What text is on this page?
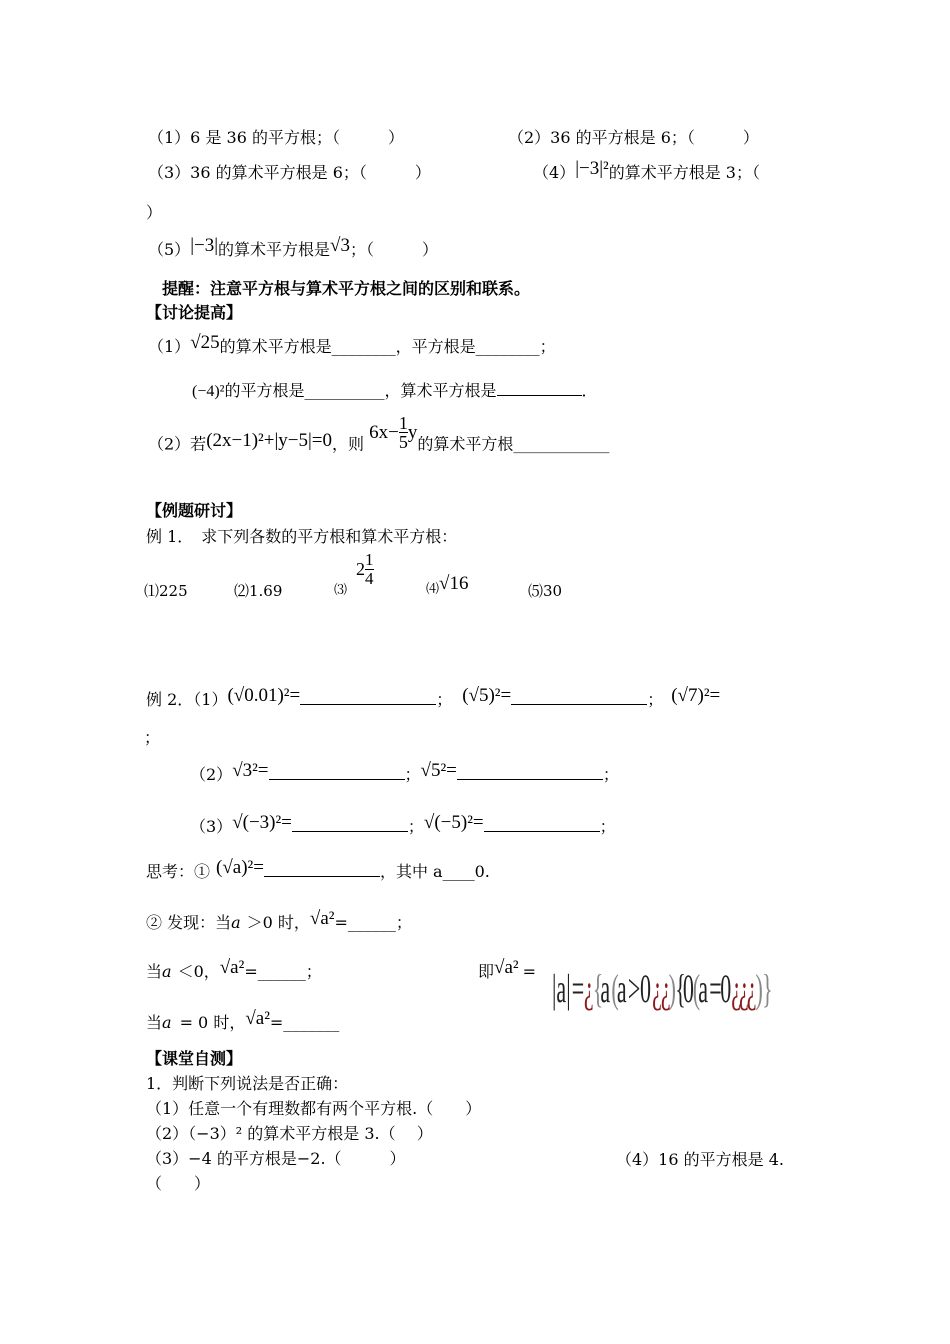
（1）6 是 36 的平方根；（　　　）	（2）36 的平方根是 6；（　　　）
（3）36 的算术平方根是 6；（　　　）	（4）|−3|²的算术平方根是 3；（
）
（5）|−3|的算术平方根是√3；（　　　）
提醒：注意平方根与算术平方根之间的区别和联系。
【讨论提高】
（1）√25的算术平方根是________，平方根是________；
(−4)²的平方根是__________，算术平方根是	．
（2）若(2x−1)²+|y−5|=0，则
$6x- \frac{1}{5}$ y
的算术平方根____________
【例题研讨】
例 1．　求下列各数的平方根和算术平方根：
⑴225	⑵1.69	⑶
$2 \frac{1}{4}$
⑷√16	⑸30
例 2．（1）(√0.01)²=	； (√5)²=	； (√7)²=
；
（2）√3²=	；√5²=	；
（3）√(−3)²=	；√(−5)²=	；
思考：① (√a)²=	，其中 a____0.
② 发现：当a ＞0 时，√a²=______；
当a ＜0，√a²=______；
当a = 0 时，√a²=_______
即√a² = | a | = ¿ {
a (
a > 0 ¿ ¿
) {
0
(
a =
0 ¿
¿
¿ ) }
【课堂自测】
1．判断下列说法是否正确：
（1）任意一个有理数都有两个平方根.（　　）
（2）（−3）² 的算术平方根是 3.（　 ）
（3）−4 的平方根是−2.（　　　）	（4）16 的平方根是 4.
（　　）
